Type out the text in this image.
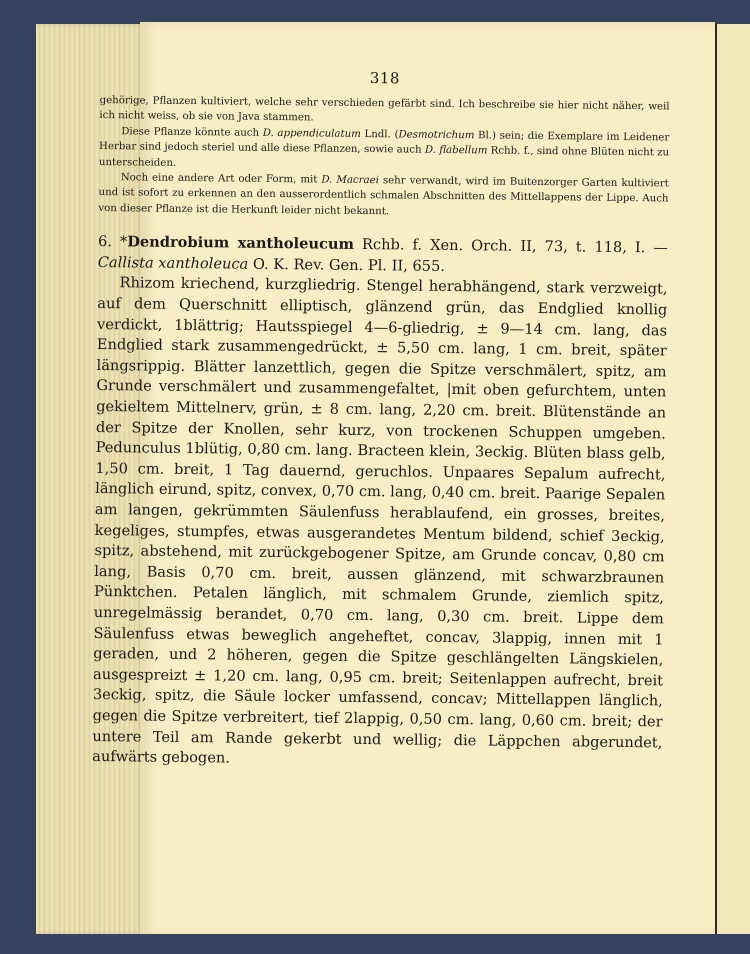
318

gehörige, Pflanzen kultiviert, welche sehr verschieden gefärbt sind. Ich beschreibe sie hier nicht näher, weil ich nicht weiss, ob sie von Java stammen.

Diese Pflanze könnte auch D. appendiculatum Lndl. (Desmotrichum Bl.) sein; die Exemplare im Leidener Herbar sind jedoch steriel und alle diese Pflanzen, sowie auch D. flabellum Rchb. f., sind ohne Blüten nicht zu unterscheiden.

Noch eine andere Art oder Form, mit D. Macraei sehr verwandt, wird im Buitenzorger Garten kultiviert und ist sofort zu erkennen an den ausserordentlich schmalen Abschnitten des Mittellappens der Lippe. Auch von dieser Pflanze ist die Herkunft leider nicht bekannt.

6. *Dendrobium xantholeucum Rchb. f. Xen. Orch. II, 73, t. 118, I. — Callista xantholeuca O. K. Rev. Gen. Pl. II, 655.

Rhizom kriechend, kurzgliedrig. Stengel herabhängend, stark verzweigt, auf dem Querschnitt elliptisch, glänzend grün, das Endglied knollig verdickt, 1blättrig; Hautsspiegel 4—6-gliedrig, ± 9—14 cm. lang, das Endglied stark zusammengedrückt, ± 5,50 cm. lang, 1 cm. breit, später längsrippig. Blätter lanzettlich, gegen die Spitze verschmälert, spitz, am Grunde verschmälert und zusammengefaltet, |mit oben gefurchtem, unten gekieltem Mittelnerv, grün, ± 8 cm. lang, 2,20 cm. breit. Blütenstände an der Spitze der Knollen, sehr kurz, von trockenen Schuppen umgeben. Pedunculus 1blütig, 0,80 cm. lang. Bracteen klein, 3eckig. Blüten blass gelb, 1,50 cm. breit, 1 Tag dauernd, geruchlos. Unpaares Sepalum aufrecht, länglich eirund, spitz, convex, 0,70 cm. lang, 0,40 cm. breit. Paarige Sepalen am langen, gekrümmten Säulenfuss herablaufend, ein grosses, breites, kegeliges, stumpfes, etwas ausgerandetes Mentum bildend, schief 3eckig, spitz, abstehend, mit zurückgebogener Spitze, am Grunde concav, 0,80 cm lang, Basis 0,70 cm. breit, aussen glänzend, mit schwarzbraunen Pünktchen. Petalen länglich, mit schmalem Grunde, ziemlich spitz, unregelmässig berandet, 0,70 cm. lang, 0,30 cm. breit. Lippe dem Säulenfuss etwas beweglich angeheftet, concav, 3lappig, innen mit 1 geraden, und 2 höheren, gegen die Spitze geschlängelten Längskielen, ausgespreizt ± 1,20 cm. lang, 0,95 cm. breit; Seitenlappen aufrecht, breit 3eckig, spitz, die Säule locker umfassend, concav; Mittellappen länglich, gegen die Spitze verbreitert, tief 2lappig, 0,50 cm. lang, 0,60 cm. breit; der untere Teil am Rande gekerbt und wellig; die Läppchen abgerundet, aufwärts gebogen.
